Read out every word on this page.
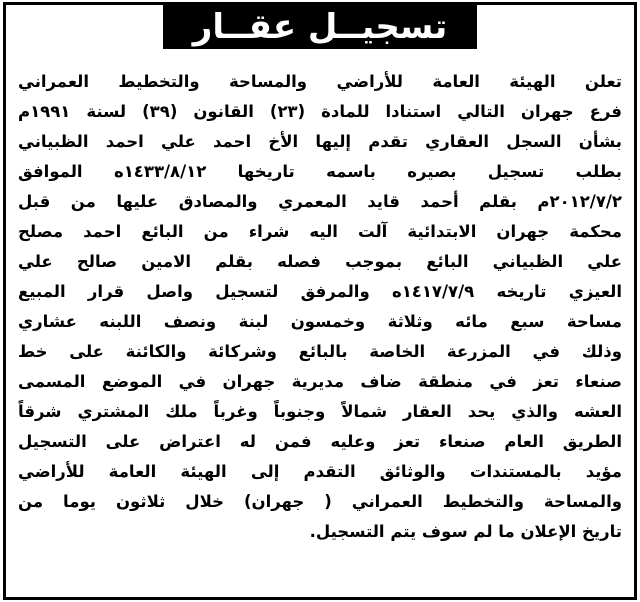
تسجيــل عقــار
تعلن الهيئة العامة للأراضي والمساحة والتخطيط العمراني
فرع جهران التالي استنادا للمادة (٢٣) القانون (٣٩) لسنة ١٩٩١م
بشأن السجل العقاري تقدم إليها الأخ احمد علي احمد الظبياني
بطلب تسجيل بصيره باسمه تاريخها ١٤٣٣/٨/١٢ه الموافق
٢٠١٢/٧/٢م بقلم أحمد قايد المعمري والمصادق عليها من قبل
محكمة جهران الابتدائية آلت اليه شراء من البائع احمد مصلح
علي الظبياني البائع بموجب فصله بقلم الامين صالح علي
العيزي تاريخه ١٤١٧/٧/٩ه والمرفق لتسجيل واصل قرار المبيع
مساحة سبع مائه وثلاثة وخمسون لبنة ونصف اللبنه عشاري
وذلك في المزرعة الخاصة بالبائع وشركائة والكائنة على خط
صنعاء تعز في منطقة ضاف مديرية جهران في الموضع المسمى
العشه والذي يحد العقار شمالاً وجنوباً وغرباً ملك المشتري شرقاً
الطريق العام صنعاء تعز وعليه فمن له اعتراض على التسجيل
مؤيد بالمستندات والوثائق التقدم إلى الهيئة العامة للأراضي
والمساحة والتخطيط العمراني ( جهران) خلال ثلاثون يوما من
تاريخ الإعلان ما لم سوف يتم التسجيل.
